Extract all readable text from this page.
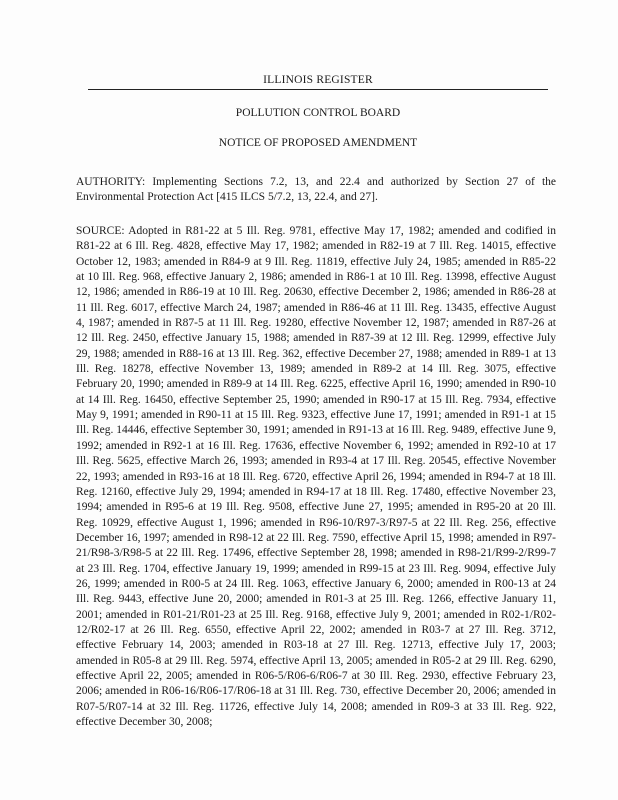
ILLINOIS REGISTER
POLLUTION CONTROL BOARD
NOTICE OF PROPOSED AMENDMENT
AUTHORITY: Implementing Sections 7.2, 13, and 22.4 and authorized by Section 27 of the Environmental Protection Act [415 ILCS 5/7.2, 13, 22.4, and 27].
SOURCE: Adopted in R81-22 at 5 Ill. Reg. 9781, effective May 17, 1982; amended and codified in R81-22 at 6 Ill. Reg. 4828, effective May 17, 1982; amended in R82-19 at 7 Ill. Reg. 14015, effective October 12, 1983; amended in R84-9 at 9 Ill. Reg. 11819, effective July 24, 1985; amended in R85-22 at 10 Ill. Reg. 968, effective January 2, 1986; amended in R86-1 at 10 Ill. Reg. 13998, effective August 12, 1986; amended in R86-19 at 10 Ill. Reg. 20630, effective December 2, 1986; amended in R86-28 at 11 Ill. Reg. 6017, effective March 24, 1987; amended in R86-46 at 11 Ill. Reg. 13435, effective August 4, 1987; amended in R87-5 at 11 Ill. Reg. 19280, effective November 12, 1987; amended in R87-26 at 12 Ill. Reg. 2450, effective January 15, 1988; amended in R87-39 at 12 Ill. Reg. 12999, effective July 29, 1988; amended in R88-16 at 13 Ill. Reg. 362, effective December 27, 1988; amended in R89-1 at 13 Ill. Reg. 18278, effective November 13, 1989; amended in R89-2 at 14 Ill. Reg. 3075, effective February 20, 1990; amended in R89-9 at 14 Ill. Reg. 6225, effective April 16, 1990; amended in R90-10 at 14 Ill. Reg. 16450, effective September 25, 1990; amended in R90-17 at 15 Ill. Reg. 7934, effective May 9, 1991; amended in R90-11 at 15 Ill. Reg. 9323, effective June 17, 1991; amended in R91-1 at 15 Ill. Reg. 14446, effective September 30, 1991; amended in R91-13 at 16 Ill. Reg. 9489, effective June 9, 1992; amended in R92-1 at 16 Ill. Reg. 17636, effective November 6, 1992; amended in R92-10 at 17 Ill. Reg. 5625, effective March 26, 1993; amended in R93-4 at 17 Ill. Reg. 20545, effective November 22, 1993; amended in R93-16 at 18 Ill. Reg. 6720, effective April 26, 1994; amended in R94-7 at 18 Ill. Reg. 12160, effective July 29, 1994; amended in R94-17 at 18 Ill. Reg. 17480, effective November 23, 1994; amended in R95-6 at 19 Ill. Reg. 9508, effective June 27, 1995; amended in R95-20 at 20 Ill. Reg. 10929, effective August 1, 1996; amended in R96-10/R97-3/R97-5 at 22 Ill. Reg. 256, effective December 16, 1997; amended in R98-12 at 22 Ill. Reg. 7590, effective April 15, 1998; amended in R97-21/R98-3/R98-5 at 22 Ill. Reg. 17496, effective September 28, 1998; amended in R98-21/R99-2/R99-7 at 23 Ill. Reg. 1704, effective January 19, 1999; amended in R99-15 at 23 Ill. Reg. 9094, effective July 26, 1999; amended in R00-5 at 24 Ill. Reg. 1063, effective January 6, 2000; amended in R00-13 at 24 Ill. Reg. 9443, effective June 20, 2000; amended in R01-3 at 25 Ill. Reg. 1266, effective January 11, 2001; amended in R01-21/R01-23 at 25 Ill. Reg. 9168, effective July 9, 2001; amended in R02-1/R02-12/R02-17 at 26 Ill. Reg. 6550, effective April 22, 2002; amended in R03-7 at 27 Ill. Reg. 3712, effective February 14, 2003; amended in R03-18 at 27 Ill. Reg. 12713, effective July 17, 2003; amended in R05-8 at 29 Ill. Reg. 5974, effective April 13, 2005; amended in R05-2 at 29 Ill. Reg. 6290, effective April 22, 2005; amended in R06-5/R06-6/R06-7 at 30 Ill. Reg. 2930, effective February 23, 2006; amended in R06-16/R06-17/R06-18 at 31 Ill. Reg. 730, effective December 20, 2006; amended in R07-5/R07-14 at 32 Ill. Reg. 11726, effective July 14, 2008; amended in R09-3 at 33 Ill. Reg. 922, effective December 30, 2008;
